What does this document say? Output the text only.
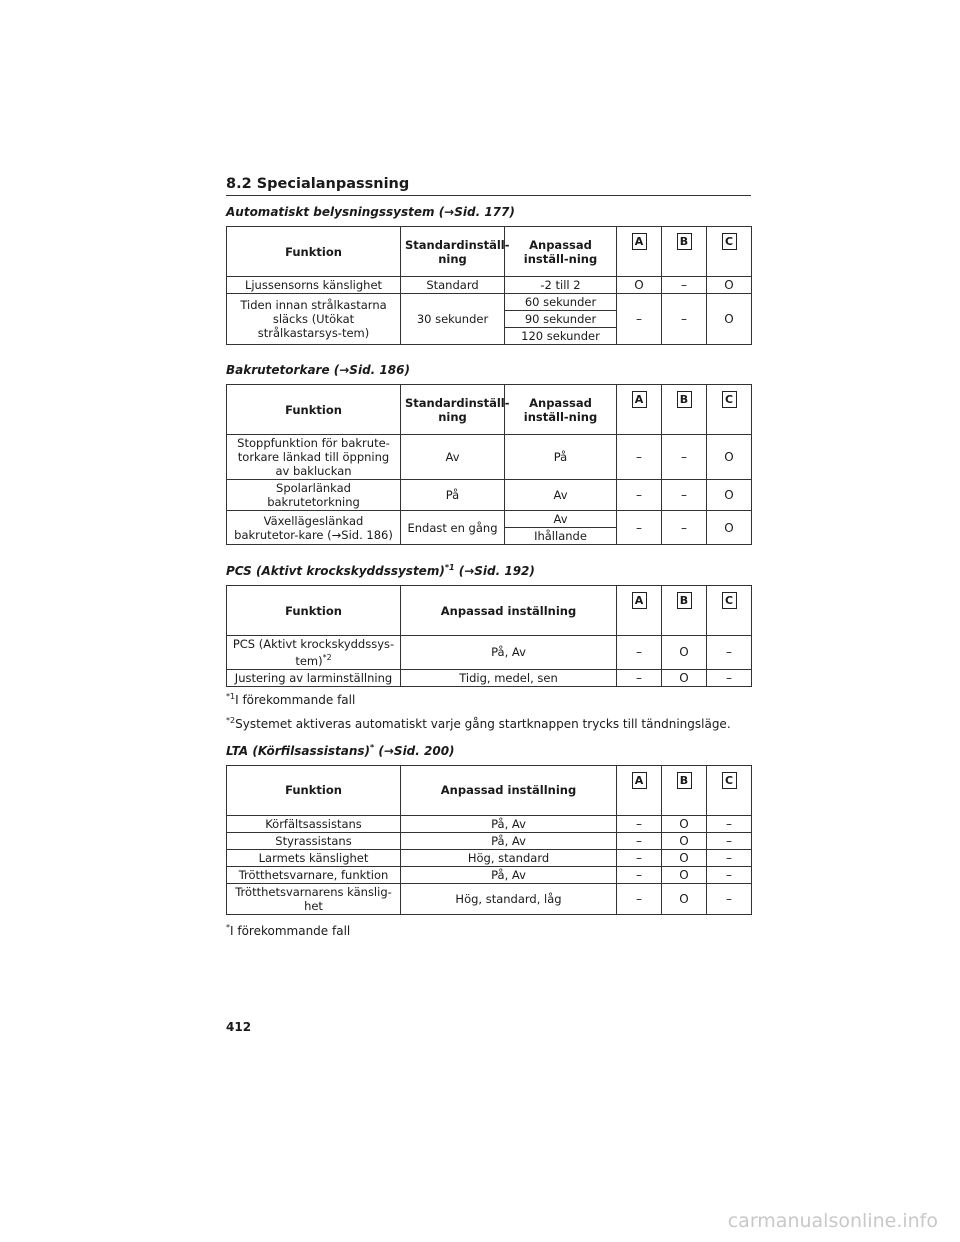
8.2 Specialanpassning
Automatiskt belysningssystem (→Sid. 177)
Funktion	Standardinställ-ning	Anpassad inställ-ning	A	B	C
Ljussensorns känslighet	Standard	-2 till 2	O	–	O
Tiden innan strålkastarna släcks (Utökat strålkastarsys-tem)	30 sekunder	60 sekunder	–	–	O
		90 sekunder			
		120 sekunder			
Bakrutetorkare (→Sid. 186)
Funktion	Standardinställ-ning	Anpassad inställ-ning	A	B	C
Stoppfunktion för bakrute-torkare länkad till öppning av bakluckan	Av	På	–	–	O
Spolarlänkad bakrutetorkning	På	Av	–	–	O
Växellägeslänkad bakrutetor-kare (→Sid. 186)	Endast en gång	Av	–	–	O
		Ihållande			
PCS (Aktivt krockskyddssystem)$^{*1}$ (→Sid. 192)
Funktion	Anpassad inställning	A	B	C
PCS (Aktivt krockskyddssys-tem)$^{*2}$	På, Av	–	O	–
Justering av larminställning	Tidig, medel, sen	–	O	–
$^{*1}$I förekommande fall
$^{*2}$Systemet aktiveras automatiskt varje gång startknappen trycks till tändningsläge.
LTA (Körfilsassistans)* (→Sid. 200)
Funktion	Anpassad inställning	A	B	C
Körfältsassistans	På, Av	–	O	–
Styrassistans	På, Av	–	O	–
Larmets känslighet	Hög, standard	–	O	–
Trötthetsvarnare, funktion	På, Av	–	O	–
Trötthetsvarnarens känslig-het	Hög, standard, låg	–	O	–
*I förekommande fall
412
carmanualsonline.info
